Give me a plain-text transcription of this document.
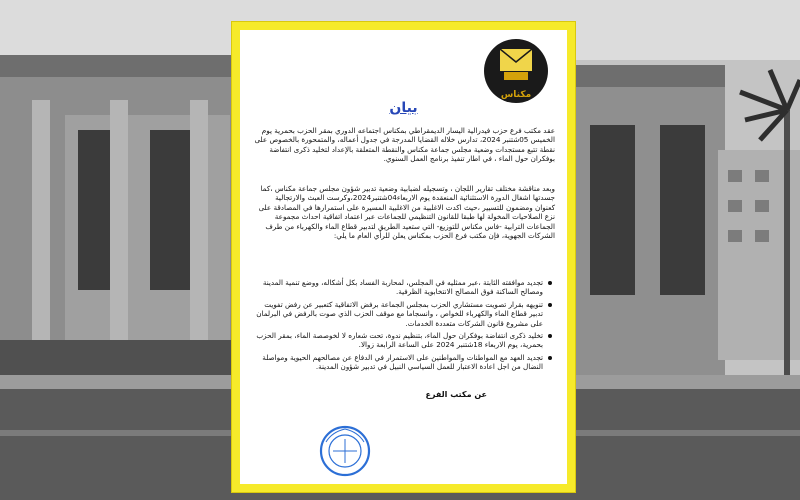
مكناس
بيان
عقد مكتب فرع حزب فيدرالية اليسار الديمقراطي بمكناس اجتماعه الدوري بمقر الحزب بحمرية يوم الخميس 05شتنبر 2024، تدارس خلاله القضايا المدرجة في جدول أعماله، والمتمحورة بالخصوص على نقطة تتبع مستجدات وضعية مجلس جماعة مكناس والنقطة المتعلقة بالإعداد لتخليد ذكرى انتفاضة بوفكران حول الماء ، في اطار تنفيذ برنامج العمل السنوي.
وبعد مناقشة مختلف تقارير اللجان ، وتسجيله لضبابية وضعية تدبير شؤون مجلس جماعة مكناس ،كما جسدتها اشغال الدورة الاستثنائية المنعقدة يوم الاربعاء04شتنبر2024،وكرست العبث والارتجالية كعنوان ومضمون للتسيير ،حيث اكدت الاغلبية من الاغلبية المسيرة على استمرارها في المصادقة على نزع الصلاحيات المخولة لها طبقا للقانون التنظيمي للجماعات عبر اعتماد اتفاقية احداث مجموعة الجماعات الترابية -فاس مكناس للتوزيع- التي ستعيد الطريق لتدبير قطاع الماء والكهرباء من طرف الشركات الجهوية، فإن مكتب فرع الحزب بمكناس يعلن للرأي العام ما يلي:
تجديد موافقته الثابتة ،عبر ممثليه في المجلس، لمحاربة الفساد بكل أشكاله، ووضع تنمية المدينة ومصالح الساكنة فوق المصالح الانتخابوية الظرفية.
تنويهه بقرار تصويت مستشاري الحزب بمجلس الجماعة برفض الاتفاقية كتعبير عن رفض تفويت تدبير قطاع الماء والكهرباء للخواص ، وانسجاما مع موقف الحزب الذي صوت بالرفض في البرلمان على مشروع قانون الشركات متعددة الخدمات.
تخليد ذكرى انتفاضة بوفكران حول الماء، بتنظيم ندوة، تحت شعاره لا لخوصصة الماء، بمقر الحزب بحمرية، يوم الاربعاء 18شتنبر 2024 على الساعة الرابعة زوالا.
تجديد العهد مع المواطنات والمواطنين على الاستمرار في الدفاع عن مصالحهم الحيوية ومواصلة النضال من اجل اعادة الاعتبار للعمل السياسي النبيل في تدبير شؤون المدينة.
عن مكتب الفرع
